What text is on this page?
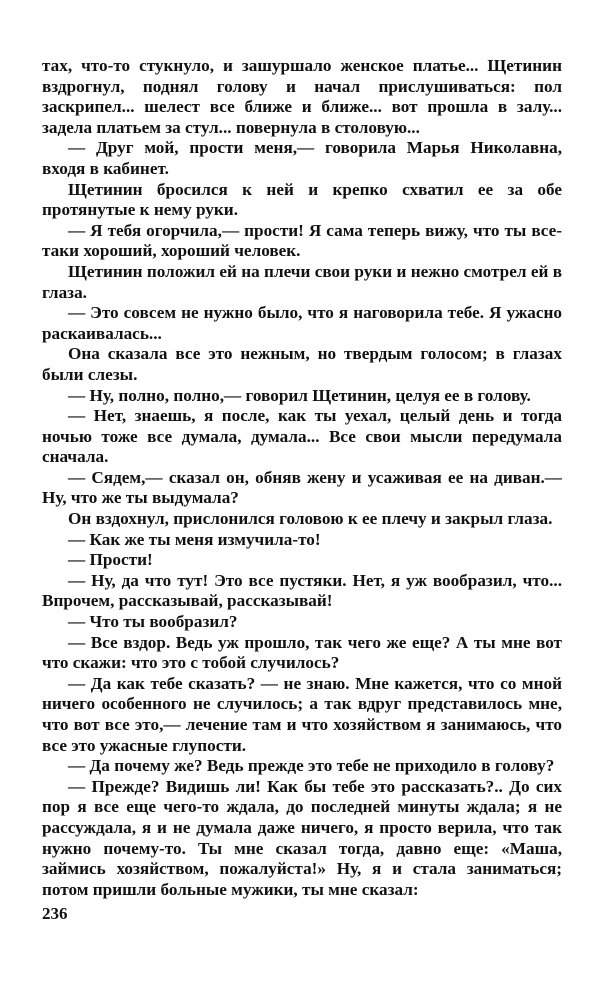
тах, что-то стукнуло, и зашуршало женское платье... Щетинин вздрогнул, поднял голову и начал прислушиваться: пол заскрипел... шелест все ближе и ближе... вот прошла в залу... задела платьем за стул... повернула в столовую...

— Друг мой, прости меня,— говорила Марья Николавна, входя в кабинет.

Щетинин бросился к ней и крепко схватил ее за обе протянутые к нему руки.

— Я тебя огорчила,— прости! Я сама теперь вижу, что ты все-таки хороший, хороший человек.

Щетинин положил ей на плечи свои руки и нежно смотрел ей в глаза.

— Это совсем не нужно было, что я наговорила тебе. Я ужасно раскаивалась...

Она сказала все это нежным, но твердым голосом; в глазах были слезы.

— Ну, полно, полно,— говорил Щетинин, целуя ее в голову.

— Нет, знаешь, я после, как ты уехал, целый день и тогда ночью тоже все думала, думала... Все свои мысли передумала сначала.

— Сядем,— сказал он, обняв жену и усаживая ее на диван.— Ну, что же ты выдумала?

Он вздохнул, прислонился головою к ее плечу и закрыл глаза.

— Как же ты меня измучила-то!

— Прости!

— Ну, да что тут! Это все пустяки. Нет, я уж вообразил, что... Впрочем, рассказывай, рассказывай!

— Что ты вообразил?

— Все вздор. Ведь уж прошло, так чего же еще? А ты мне вот что скажи: что это с тобой случилось?

— Да как тебе сказать? — не знаю. Мне кажется, что со мной ничего особенного не случилось; а так вдруг представилось мне, что вот все это,— лечение там и что хозяйством я занимаюсь, что все это ужасные глупости.

— Да почему же? Ведь прежде это тебе не приходило в голову?

— Прежде? Видишь ли! Как бы тебе это рассказать?.. До сих пор я все еще чего-то ждала, до последней минуты ждала; я не рассуждала, я и не думала даже ничего, я просто верила, что так нужно почему-то. Ты мне сказал тогда, давно еще: «Маша, займись хозяйством, пожалуйста!» Ну, я и стала заниматься; потом пришли больные мужики, ты мне сказал:

236
